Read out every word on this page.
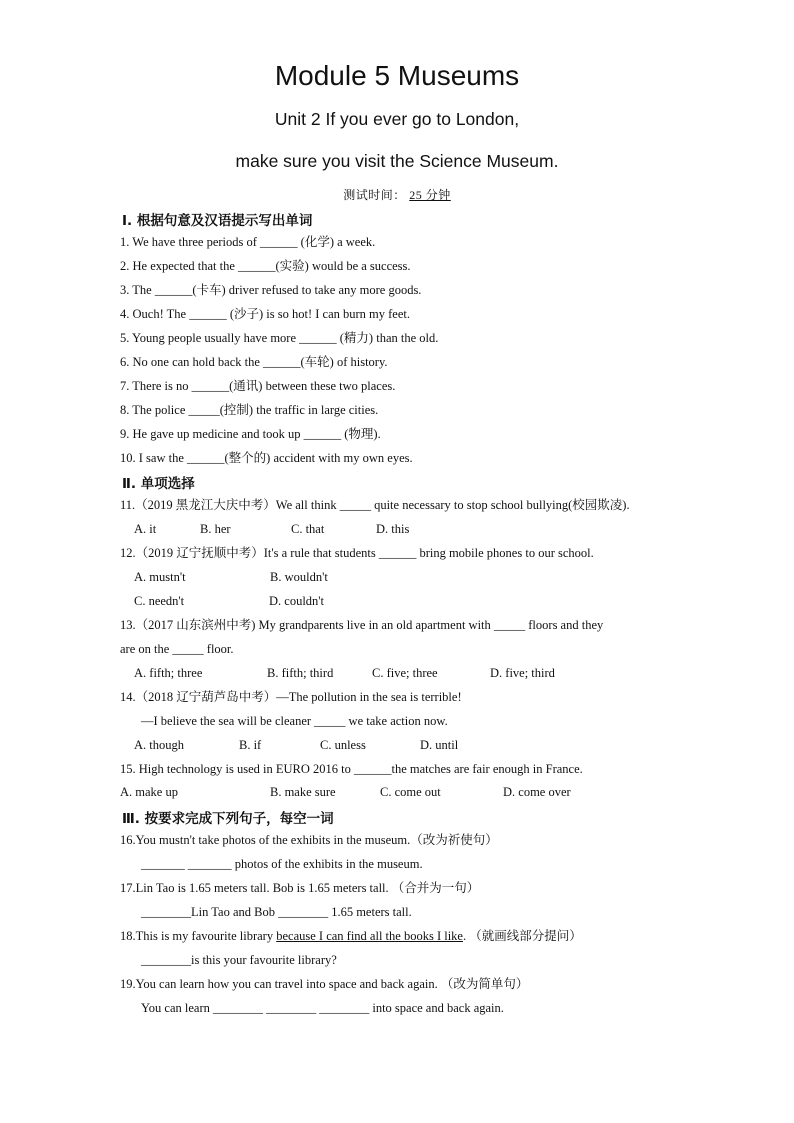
Module 5 Museums
Unit 2 If you ever go to London,
make sure you visit the Science Museum.
测试时间： 25 分钟
Ⅰ. 根据句意及汉语提示写出单词
1. We have three periods of ______ (化学) a week.
2. He expected that the ______(实验) would be a success.
3. The ______(卡车) driver refused to take any more goods.
4. Ouch! The ______ (沙子) is so hot! I can burn my feet.
5. Young people usually have more ______ (精力) than the old.
6. No one can hold back the ______(车轮) of history.
7. There is no ______(通讯) between these two places.
8. The police _____(控制) the traffic in large cities.
9. He gave up medicine and took up ______ (物理).
10. I saw the ______(整个的) accident with my own eyes.
Ⅱ. 单项选择
11.（2019 黑龙江大庆中考）We all think _____ quite necessary to stop school bullying(校园欺凌).
A. it	B. her	C. that	D. this
12.（2019 辽宁抚顺中考）It's a rule that students ______ bring mobile phones to our school.
A. mustn't	B. wouldn't
C. needn't	D. couldn't
13.（2017 山东滨州中考) My grandparents live in an old apartment with _____ floors and they
are on the _____ floor.
A. fifth; three	B. fifth; third	C. five; three	D. five; third
14.（2018 辽宁葫芦岛中考）—The pollution in the sea is terrible!
—I believe the sea will be cleaner _____ we take action now.
A. though	B. if	C. unless	D. until
15. High technology is used in EURO 2016 to ______the matches are fair enough in France.
A. make up	B. make sure	C. come out	D. come over
Ⅲ. 按要求完成下列句子，每空一词
16.You mustn't take photos of the exhibits in the museum.（改为祈使句）
_______ _______ photos of the exhibits in the museum.
17.Lin Tao is 1.65 meters tall. Bob is 1.65 meters tall. （合并为一句）
________Lin Tao and Bob ________ 1.65 meters tall.
18.This is my favourite library because I can find all the books I like. （就画线部分提问）
________is this your favourite library?
19.You can learn how you can travel into space and back again. （改为简单句）
You can learn ________ ________ ________ into space and back again.
